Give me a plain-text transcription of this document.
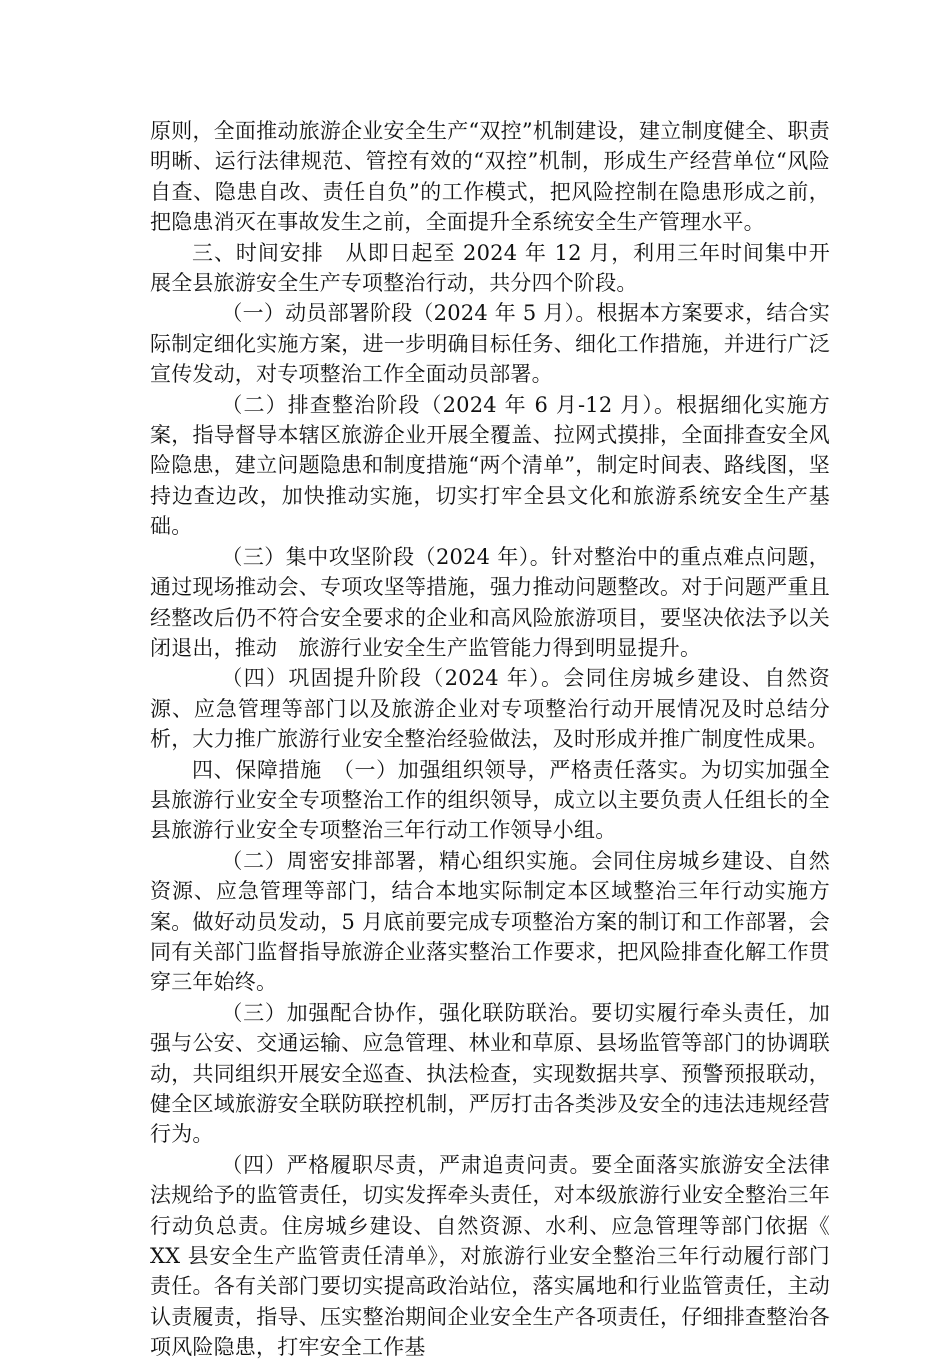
原则，全面推动旅游企业安全生产“双控”机制建设，建立制度健全、职责明晰、运行法律规范、管控有效的“双控”机制，形成生产经营单位“风险自查、隐患自改、责任自负”的工作模式，把风险控制在隐患形成之前，把隐患消灭在事故发生之前，全面提升全系统安全生产管理水平。

三、时间安排　从即日起至 2024 年 12 月，利用三年时间集中开展全县旅游安全生产专项整治行动，共分四个阶段。

（一）动员部署阶段（2024 年 5 月）。根据本方案要求，结合实际制定细化实施方案，进一步明确目标任务、细化工作措施，并进行广泛宣传发动，对专项整治工作全面动员部署。

（二）排查整治阶段（2024 年 6 月-12 月）。根据细化实施方案，指导督导本辖区旅游企业开展全覆盖、拉网式摸排，全面排查安全风险隐患，建立问题隐患和制度措施“两个清单”，制定时间表、路线图，坚持边查边改，加快推动实施，切实打牢全县文化和旅游系统安全生产基础。

（三）集中攻坚阶段（2024 年）。针对整治中的重点难点问题，通过现场推动会、专项攻坚等措施，强力推动问题整改。对于问题严重且经整改后仍不符合安全要求的企业和高风险旅游项目，要坚决依法予以关闭退出，推动　旅游行业安全生产监管能力得到明显提升。

（四）巩固提升阶段（2024 年）。会同住房城乡建设、自然资源、应急管理等部门以及旅游企业对专项整治行动开展情况及时总结分析，大力推广旅游行业安全整治经验做法，及时形成并推广制度性成果。

四、保障措施　（一）加强组织领导，严格责任落实。为切实加强全县旅游行业安全专项整治工作的组织领导，成立以主要负责人任组长的全县旅游行业安全专项整治三年行动工作领导小组。

（二）周密安排部署，精心组织实施。会同住房城乡建设、自然资源、应急管理等部门，结合本地实际制定本区域整治三年行动实施方案。做好动员发动，5 月底前要完成专项整治方案的制订和工作部署，会同有关部门监督指导旅游企业落实整治工作要求，把风险排查化解工作贯穿三年始终。

（三）加强配合协作，强化联防联治。要切实履行牵头责任，加强与公安、交通运输、应急管理、林业和草原、县场监管等部门的协调联动，共同组织开展安全巡查、执法检查，实现数据共享、预警预报联动，健全区域旅游安全联防联控机制，严厉打击各类涉及安全的违法违规经营行为。

（四）严格履职尽责，严肃追责问责。要全面落实旅游安全法律法规给予的监管责任，切实发挥牵头责任，对本级旅游行业安全整治三年行动负总责。住房城乡建设、自然资源、水利、应急管理等部门依据《　XX 县安全生产监管责任清单》，对旅游行业安全整治三年行动履行部门责任。各有关部门要切实提高政治站位，落实属地和行业监管责任，主动认责履责，指导、压实整治期间企业安全生产各项责任，仔细排查整治各项风险隐患，打牢安全工作基
